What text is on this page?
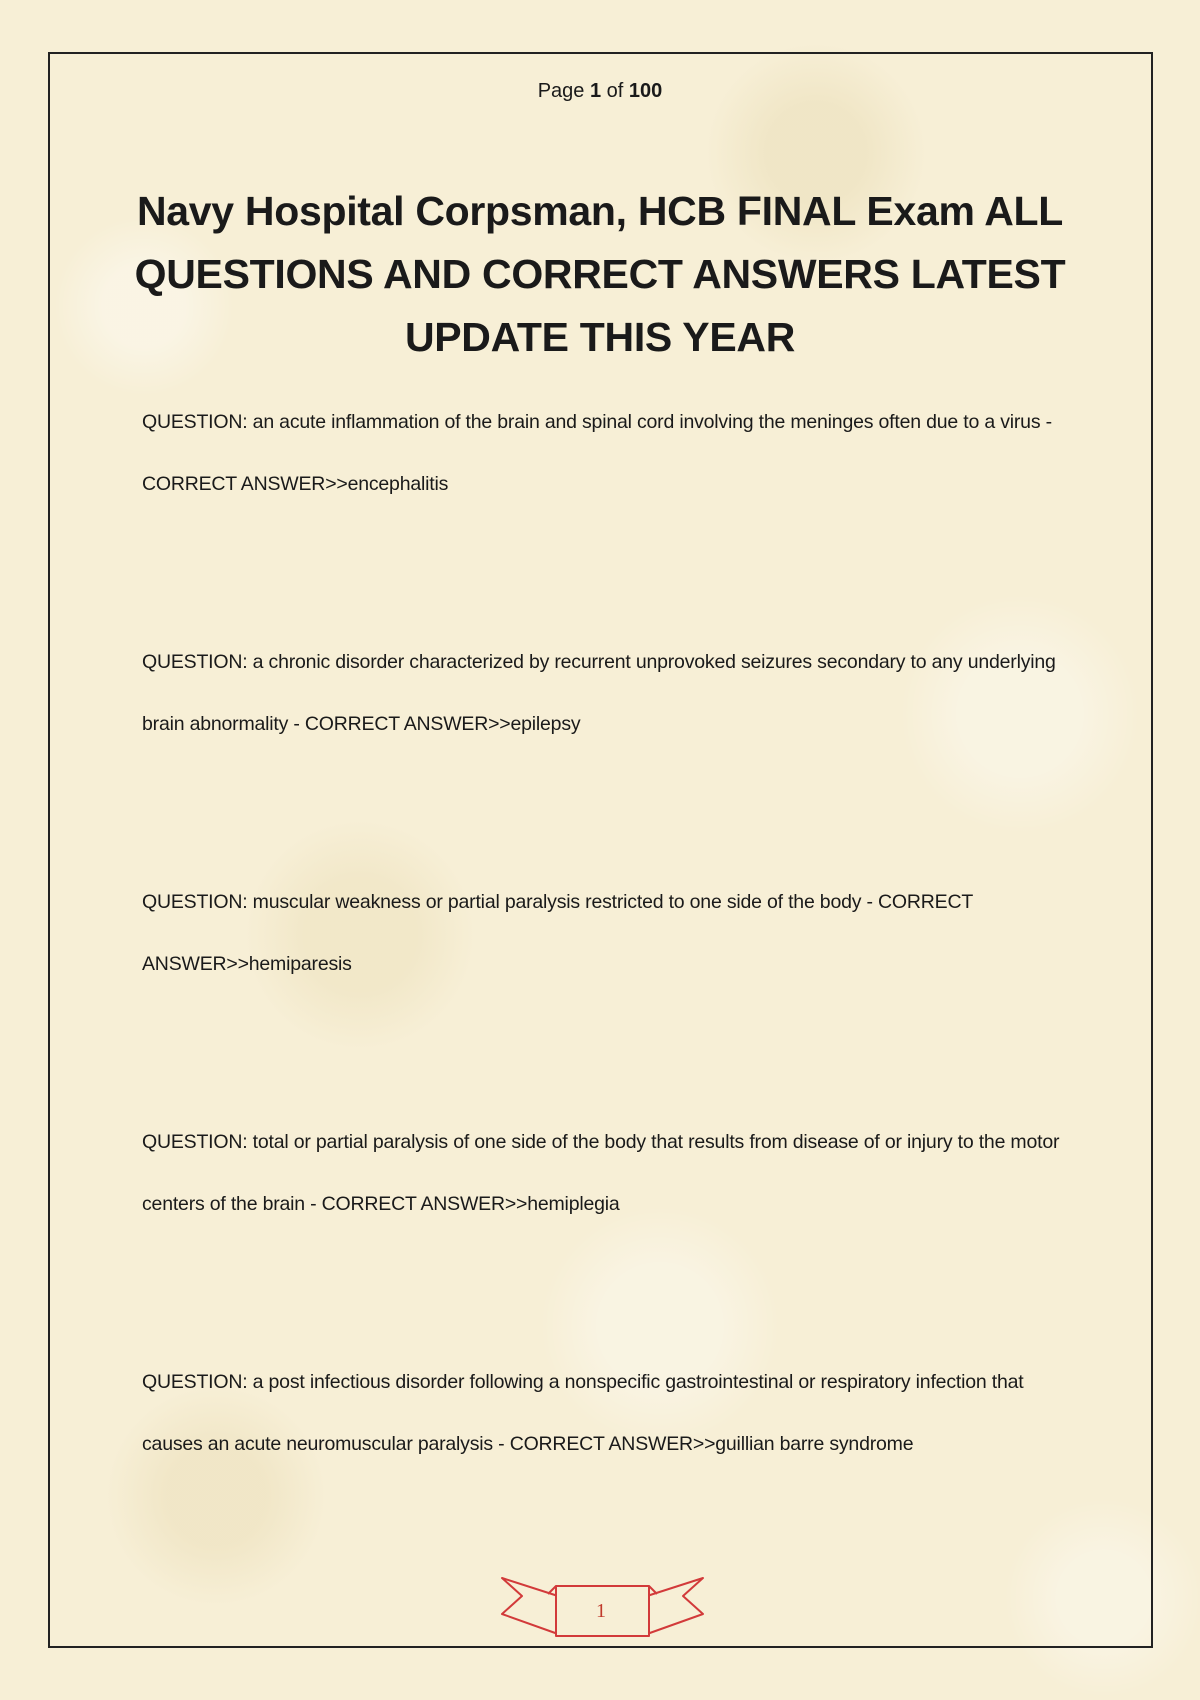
Page 1 of 100
Navy Hospital Corpsman, HCB FINAL Exam ALL QUESTIONS AND CORRECT ANSWERS LATEST UPDATE THIS YEAR
QUESTION: an acute inflammation of the brain and spinal cord involving the meninges often due to a virus - CORRECT ANSWER>>encephalitis
QUESTION: a chronic disorder characterized by recurrent unprovoked seizures secondary to any underlying brain abnormality - CORRECT ANSWER>>epilepsy
QUESTION: muscular weakness or partial paralysis restricted to one side of the body - CORRECT ANSWER>>hemiparesis
QUESTION: total or partial paralysis of one side of the body that results from disease of or injury to the motor centers of the brain - CORRECT ANSWER>>hemiplegia
QUESTION: a post infectious disorder following a nonspecific gastrointestinal or respiratory infection that causes an acute neuromuscular paralysis - CORRECT ANSWER>>guillian barre syndrome
1
